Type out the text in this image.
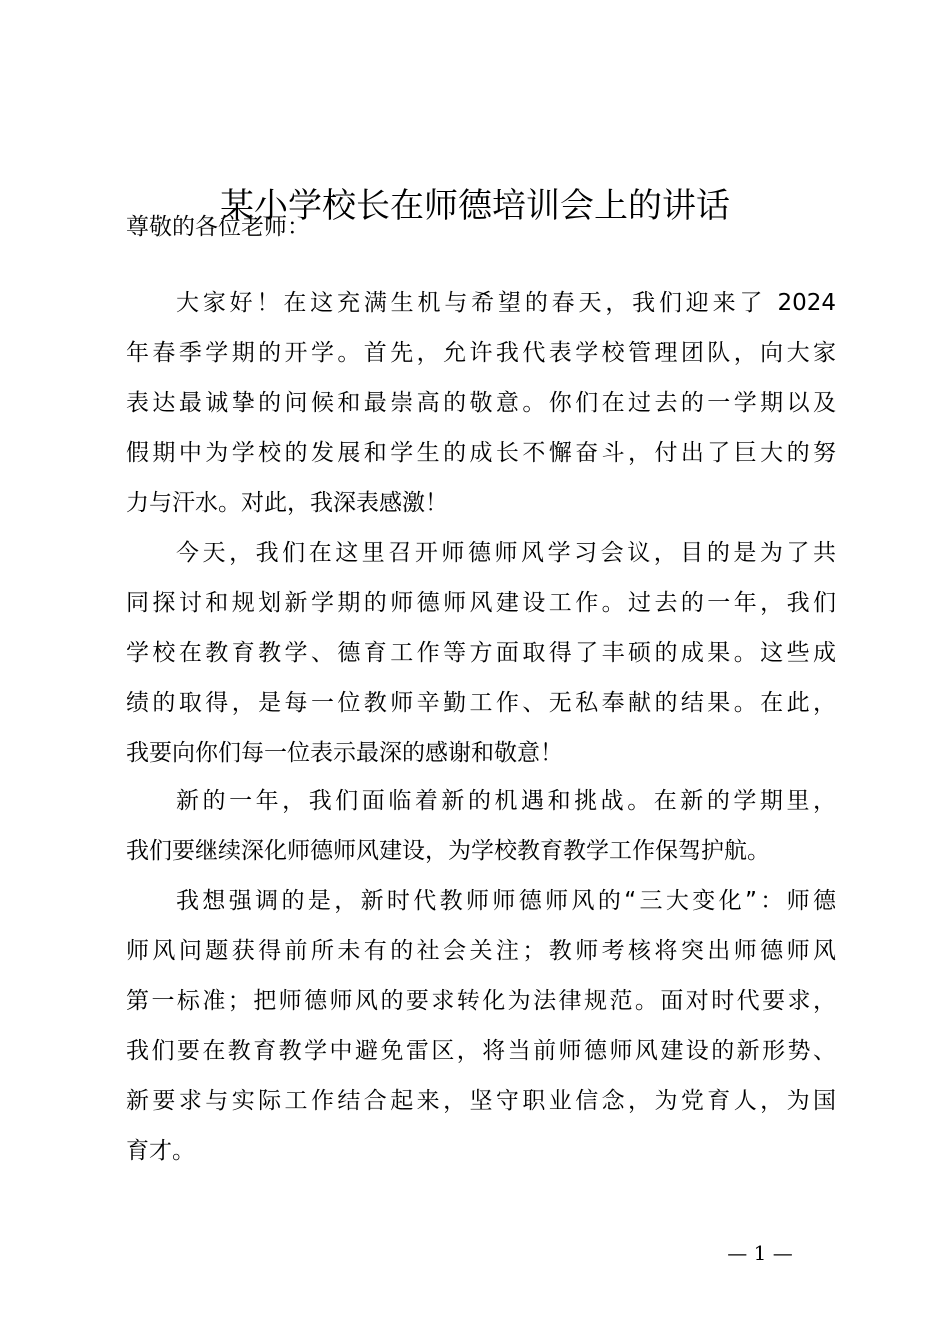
某小学校长在师德培训会上的讲话
尊敬的各位老师：
大家好！在这充满生机与希望的春天，我们迎来了 2024
年春季学期的开学。首先，允许我代表学校管理团队，向大家
表达最诚挚的问候和最崇高的敬意。你们在过去的一学期以及
假期中为学校的发展和学生的成长不懈奋斗，付出了巨大的努
力与汗水。对此，我深表感激！
今天，我们在这里召开师德师风学习会议，目的是为了共
同探讨和规划新学期的师德师风建设工作。过去的一年，我们
学校在教育教学、德育工作等方面取得了丰硕的成果。这些成
绩的取得，是每一位教师辛勤工作、无私奉献的结果。在此，
我要向你们每一位表示最深的感谢和敬意！
新的一年，我们面临着新的机遇和挑战。在新的学期里，
我们要继续深化师德师风建设，为学校教育教学工作保驾护航。
我想强调的是，新时代教师师德师风的“三大变化”：师德
师风问题获得前所未有的社会关注；教师考核将突出师德师风
第一标准；把师德师风的要求转化为法律规范。面对时代要求，
我们要在教育教学中避免雷区，将当前师德师风建设的新形势、
新要求与实际工作结合起来，坚守职业信念，为党育人，为国
育才。
— 1 —
